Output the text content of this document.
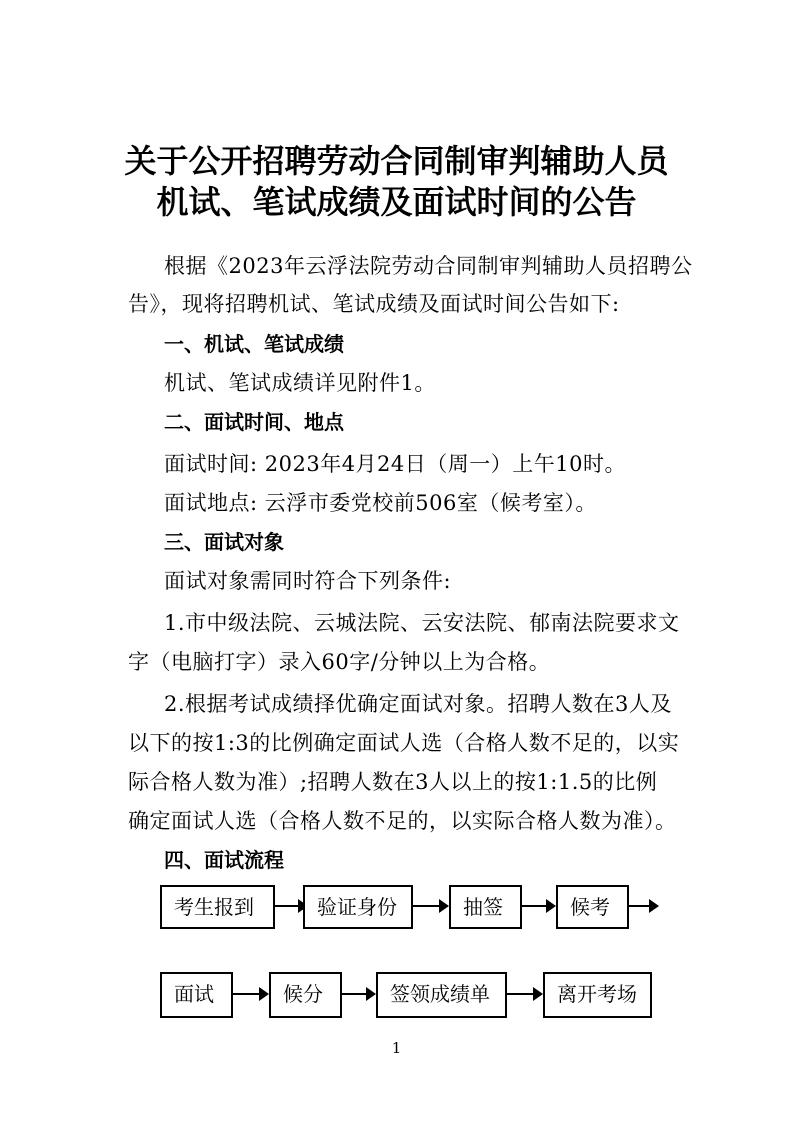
关于公开招聘劳动合同制审判辅助人员
机试、笔试成绩及面试时间的公告
根据《2023年云浮法院劳动合同制审判辅助人员招聘公
告》，现将招聘机试、笔试成绩及面试时间公告如下:
一、机试、笔试成绩
机试、笔试成绩详见附件1。
二、面试时间、地点
面试时间: 2023年4月24日（周一）上午10时。
面试地点: 云浮市委党校前506室（候考室）。
三、面试对象
面试对象需同时符合下列条件:
1.市中级法院、云城法院、云安法院、郁南法院要求文
字（电脑打字）录入60字/分钟以上为合格。
2.根据考试成绩择优确定面试对象。招聘人数在3人及
以下的按1:3的比例确定面试人选（合格人数不足的，以实
际合格人数为准）;招聘人数在3人以上的按1:1.5的比例
确定面试人选（合格人数不足的，以实际合格人数为准）。
四、面试流程
考生报到	验证身份	抽签	候考
面试	候分	签领成绩单	离开考场
1
